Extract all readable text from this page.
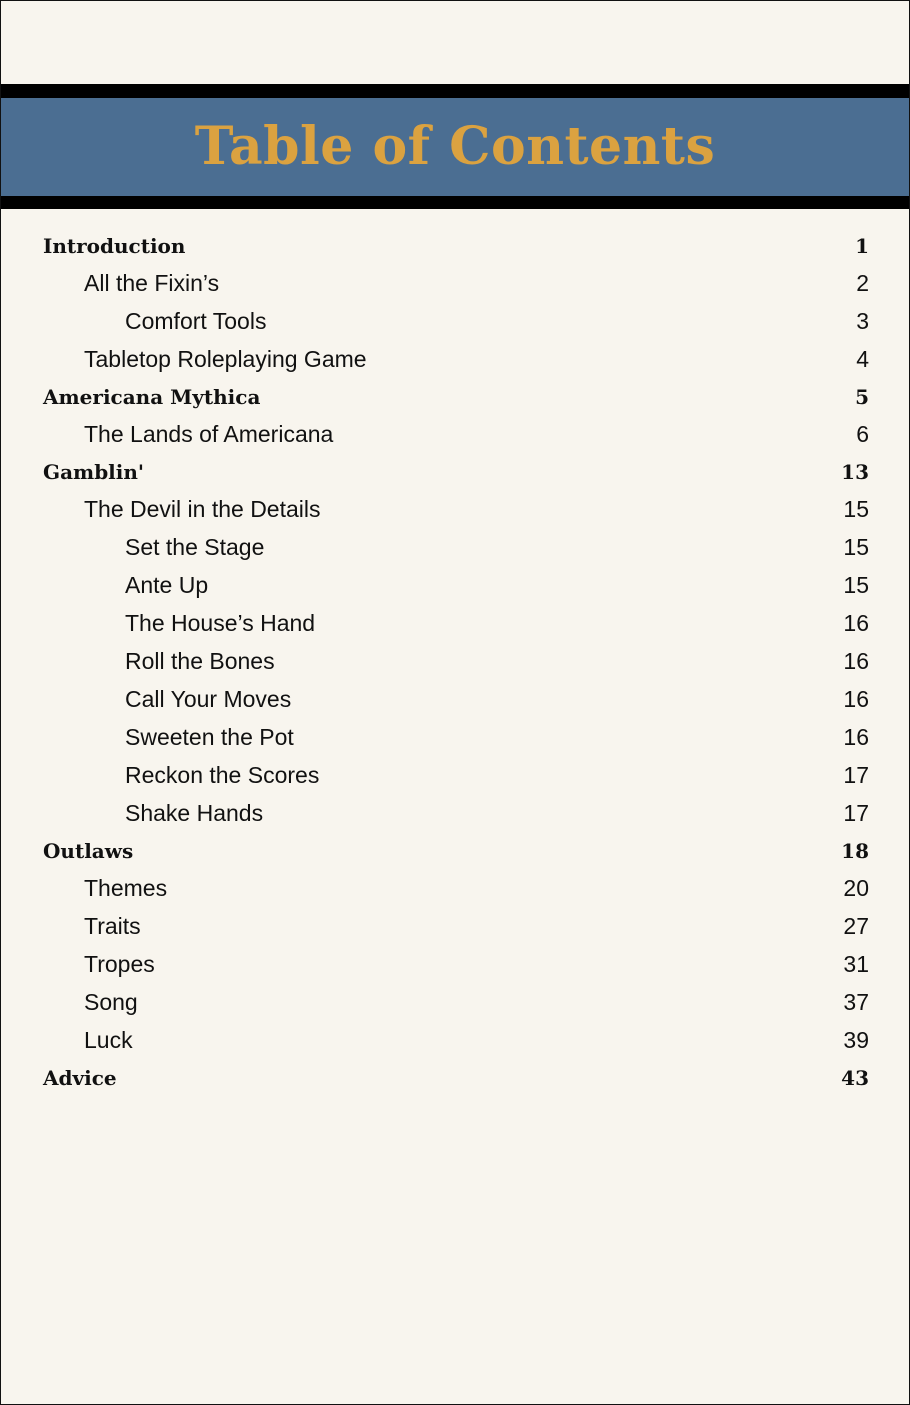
Table of Contents
Introduction	1
All the Fixin’s	2
Comfort Tools	3
Tabletop Roleplaying Game	4
Americana Mythica	5
The Lands of Americana	6
Gamblin'	13
The Devil in the Details	15
Set the Stage	15
Ante Up	15
The House’s Hand	16
Roll the Bones	16
Call Your Moves	16
Sweeten the Pot	16
Reckon the Scores	17
Shake Hands	17
Outlaws	18
Themes	20
Traits	27
Tropes	31
Song	37
Luck	39
Advice	43
